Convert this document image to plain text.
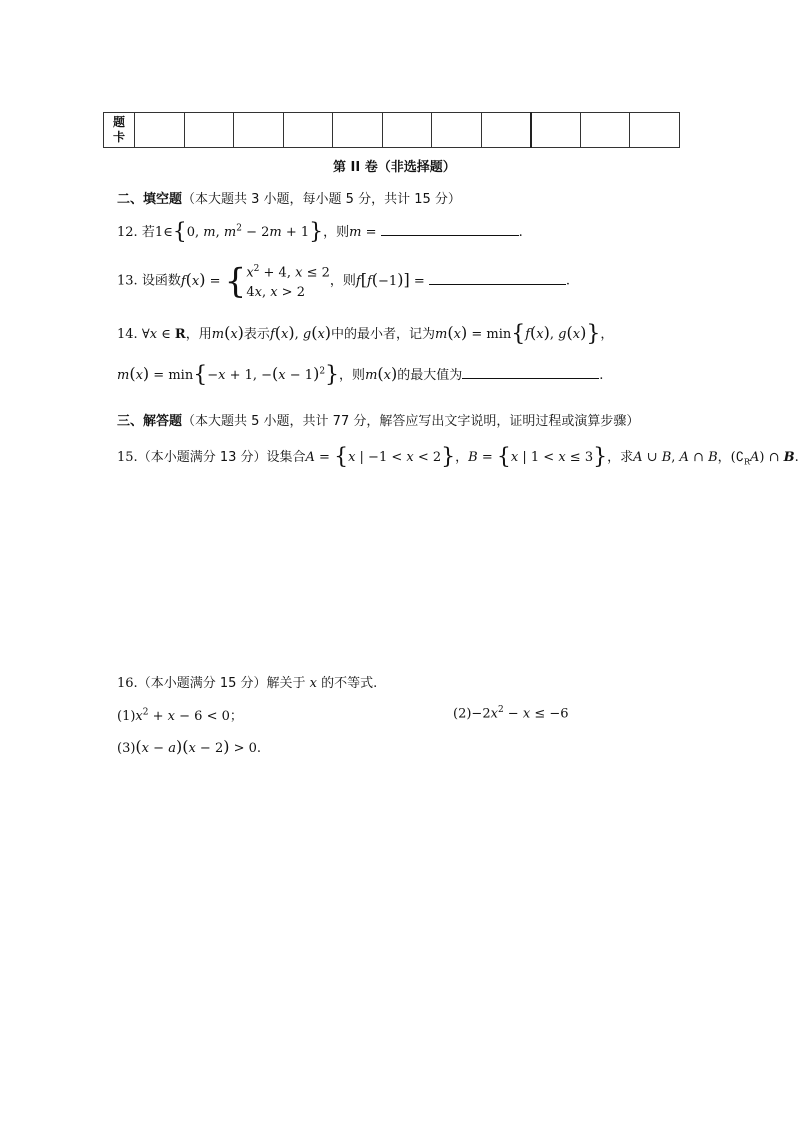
题
卡											
第 II 卷（非选择题）
二、填空题（本大题共 3 小题，每小题 5 分，共计 15 分）
12. 若1∈{0, m, $m^2 - 2m + 1$}，则m =	.
13. 设函数$f(x) = \{x^2 + 4$, x ≤ 2
4x, x > 2，则f[f(−1)] =	.
14. ∀x ∈ R，用m(x)表示f(x), g(x)中的最小者，记为m(x) = min{f(x), g(x)}，
m(x) = min{−x + 1, $-(x - 1)^2$}，则m(x)的最大值为	.
三、解答题（本大题共 5 小题，共计 77 分，解答应写出文字说明，证明过程或演算步骤）
15.（本小题满分 13 分）设集合A = {x | −1 < x < 2}，B = {x | 1 < x ≤ 3}，求A ∪ B, A ∩ B，$(∁_RA)$ ∩ B.
16.（本小题满分 15 分）解关于 x 的不等式.
$(1)x^2 + x - 6 < 0$；	$(2)-2x^2 - x \le -6$
(3)(x − a)(x − 2) > 0.
